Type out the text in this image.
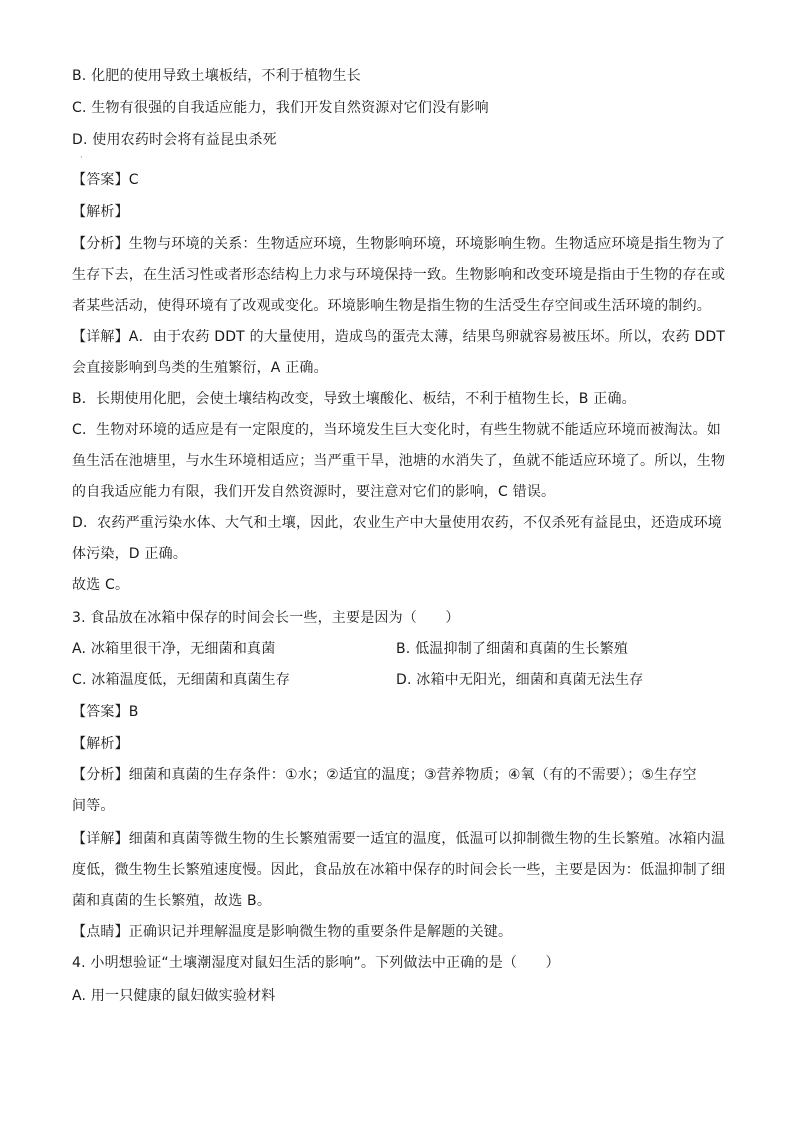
B. 化肥的使用导致土壤板结，不利于植物生长
C. 生物有很强的自我适应能力，我们开发自然资源对它们没有影响
D. 使用农药时会将有益昆虫杀死
·
【答案】C
【解析】
【分析】生物与环境的关系：生物适应环境，生物影响环境，环境影响生物。生物适应环境是指生物为了
生存下去，在生活习性或者形态结构上力求与环境保持一致。生物影响和改变环境是指由于生物的存在或
者某些活动，使得环境有了改观或变化。环境影响生物是指生物的生活受生存空间或生活环境的制约。
【详解】A．由于农药 DDT 的大量使用，造成鸟的蛋壳太薄，结果鸟卵就容易被压坏。所以，农药 DDT
会直接影响到鸟类的生殖繁衍，A 正确。
B．长期使用化肥，会使土壤结构改变，导致土壤酸化、板结，不利于植物生长，B 正确。
C．生物对环境的适应是有一定限度的，当环境发生巨大变化时，有些生物就不能适应环境而被淘汰。如
鱼生活在池塘里，与水生环境相适应；当严重干旱，池塘的水消失了，鱼就不能适应环境了。所以，生物
的自我适应能力有限，我们开发自然资源时，要注意对它们的影响，C 错误。
D．农药严重污染水体、大气和土壤，因此，农业生产中大量使用农药，不仅杀死有益昆虫，还造成环境
体污染，D 正确。
故选 C。
3. 食品放在冰箱中保存的时间会长一些，主要是因为（　　）
A. 冰箱里很干净，无细菌和真菌	B. 低温抑制了细菌和真菌的生长繁殖
C. 冰箱温度低，无细菌和真菌生存	D. 冰箱中无阳光，细菌和真菌无法生存
【答案】B
【解析】
【分析】细菌和真菌的生存条件：①水；②适宜的温度；③营养物质；④氧（有的不需要）；⑤生存空
间等。
【详解】细菌和真菌等微生物的生长繁殖需要一适宜的温度，低温可以抑制微生物的生长繁殖。冰箱内温
度低，微生物生长繁殖速度慢。因此，食品放在冰箱中保存的时间会长一些，主要是因为：低温抑制了细
菌和真菌的生长繁殖，故选 B。
【点睛】正确识记并理解温度是影响微生物的重要条件是解题的关键。
4. 小明想验证“土壤潮湿度对鼠妇生活的影响”。下列做法中正确的是（　　）
A. 用一只健康的鼠妇做实验材料
